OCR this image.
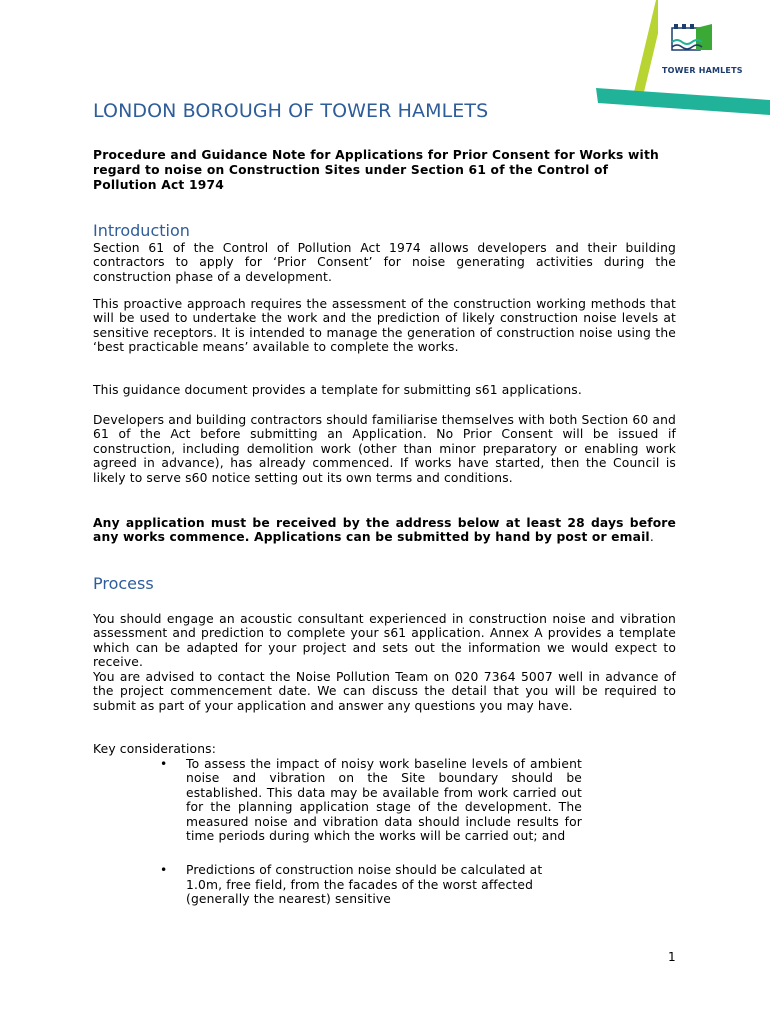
TOWER HAMLETS
LONDON BOROUGH OF TOWER HAMLETS

Procedure and Guidance Note for Applications for Prior Consent for Works with regard to noise on Construction Sites under Section 61 of the Control of Pollution Act 1974

Introduction

Section 61 of the Control of Pollution Act 1974 allows developers and their building contractors to apply for ‘Prior Consent’ for noise generating activities during the construction phase of a development.

This proactive approach requires the assessment of the construction working methods that will be used to undertake the work and the prediction of likely construction noise levels at sensitive receptors. It is intended to manage the generation of construction noise using the ‘best practicable means’ available to complete the works.

This guidance document provides a template for submitting s61 applications.

Developers and building contractors should familiarise themselves with both Section 60 and 61 of the Act before submitting an Application. No Prior Consent will be issued if construction, including demolition work (other than minor preparatory or enabling work agreed in advance), has already commenced. If works have started, then the Council is likely to serve s60 notice setting out its own terms and conditions.

Any application must be received by the address below at least 28 days before any works commence. Applications can be submitted by hand by post or email.

Process

You should engage an acoustic consultant experienced in construction noise and vibration assessment and prediction to complete your s61 application. Annex A provides a template which can be adapted for your project and sets out the information we would expect to receive.

You are advised to contact the Noise Pollution Team on 020 7364 5007 well in advance of the project commencement date. We can discuss the detail that you will be required to submit as part of your application and answer any questions you may have.

Key considerations:

• To assess the impact of noisy work baseline levels of ambient noise and vibration on the Site boundary should be established. This data may be available from work carried out for the planning application stage of the development. The measured noise and vibration data should include results for time periods during which the works will be carried out; and
• Predictions of construction noise should be calculated at 1.0m, free field, from the facades of the worst affected (generally the nearest) sensitive
1
